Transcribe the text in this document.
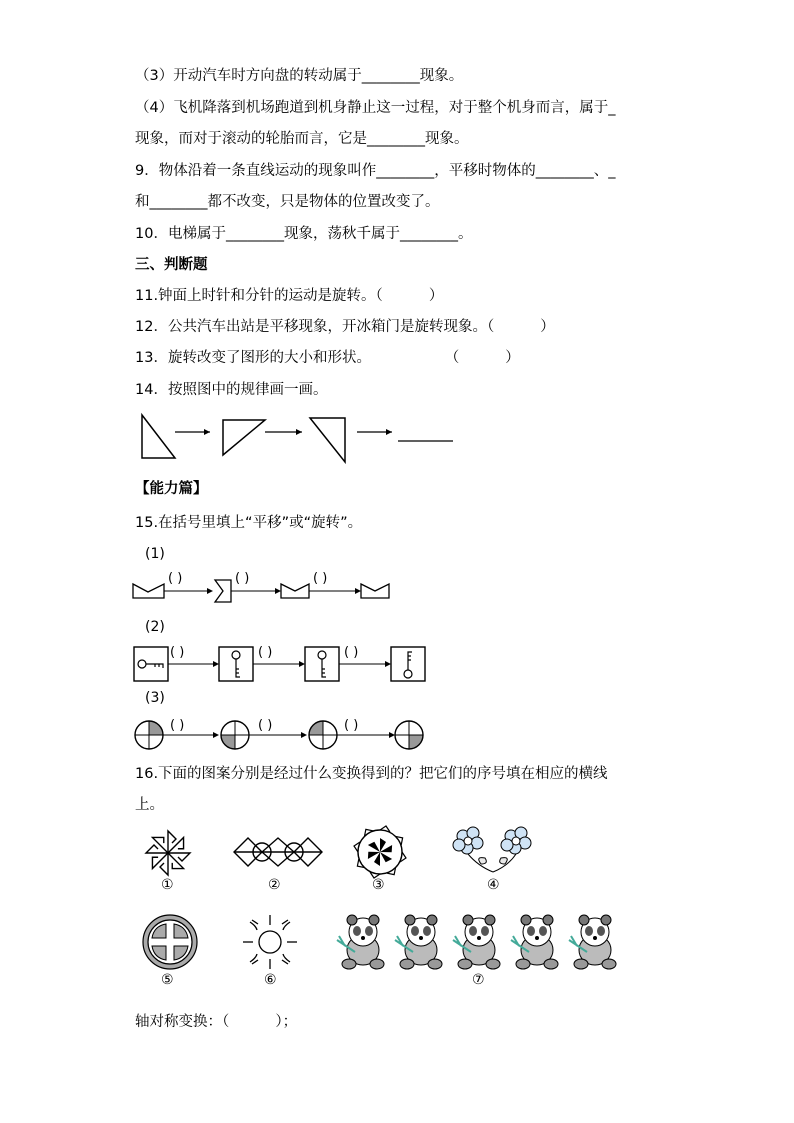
（3）开动汽车时方向盘的转动属于________现象。
（4）飞机降落到机场跑道到机身静止这一过程，对于整个机身而言，属于_
现象，而对于滚动的轮胎而言，它是________现象。
9．物体沿着一条直线运动的现象叫作________，平移时物体的________、_
和________都不改变，只是物体的位置改变了。
10．电梯属于________现象，荡秋千属于________。
三、判断题
11.钟面上时针和分针的运动是旋转。（          ）
12．公共汽车出站是平移现象，开冰箱门是旋转现象。（          ）
13．旋转改变了图形的大小和形状。                （          ）
14．按照图中的规律画一画。
【能力篇】
15.在括号里填上“平移”或“旋转”。
(1)
( )	( )	( )
(2)
( )	( )	( )
(3)
( )	( )	( )
16.下面的图案分别是经过什么变换得到的？把它们的序号填在相应的横线
上。
①	②	③	④
⑤	⑥	⑦
轴对称变换：（          ）；
